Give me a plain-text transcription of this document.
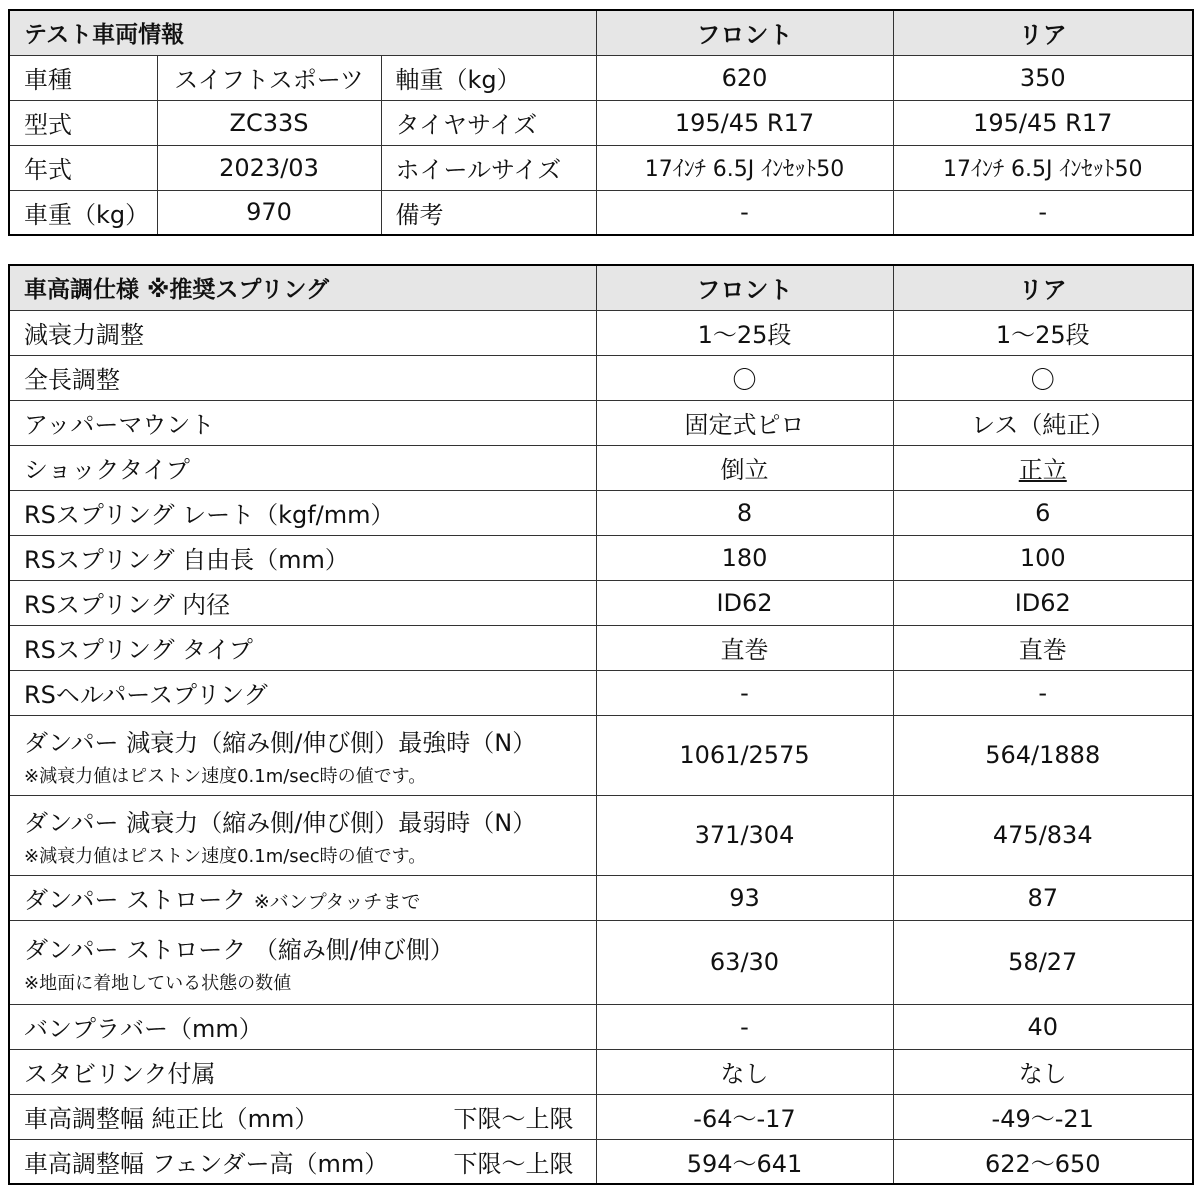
テスト車両情報			フロント	リア
車種	スイフトスポーツ	軸重（kg）	620	350
型式	ZC33S	タイヤサイズ	195/45 R17	195/45 R17
年式	2023/03	ホイールサイズ	17ｲﾝﾁ 6.5J ｲﾝｾｯﾄ50	17ｲﾝﾁ 6.5J ｲﾝｾｯﾄ50
車重（kg）	970	備考	-	-
車高調仕様 ※推奨スプリング	フロント	リア
減衰力調整	1～25段	1～25段
全長調整	〇	〇
アッパーマウント	固定式ピロ	レス（純正）
ショックタイプ	倒立	正立
RSスプリング レート（kgf/mm）	8	6
RSスプリング 自由長（mm）	180	100
RSスプリング 内径	ID62	ID62
RSスプリング タイプ	直巻	直巻
RSヘルパースプリング	-	-
ダンパー 減衰力（縮み側/伸び側）最強時（N）
※減衰力値はピストン速度0.1m/sec時の値です。	1061/2575	564/1888
ダンパー 減衰力（縮み側/伸び側）最弱時（N）
※減衰力値はピストン速度0.1m/sec時の値です。	371/304	475/834
ダンパー ストローク ※バンプタッチまで	93	87
ダンパー ストローク （縮み側/伸び側）
※地面に着地している状態の数値	63/30	58/27
バンプラバー（mm）	-	40
スタビリンク付属	なし	なし

車高調整幅 純正比（mm） 下限～上限	-64～-17	-49～-21

車高調整幅 フェンダー高（mm） 下限～上限	594～641	622～650
